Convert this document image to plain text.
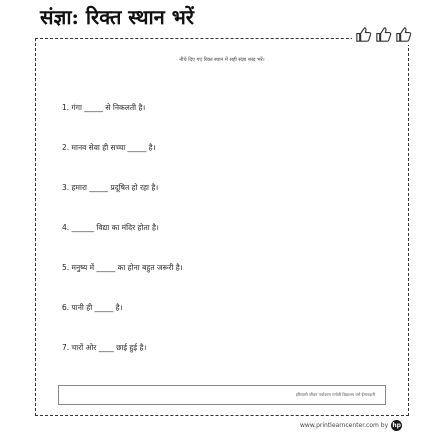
संज्ञा: रिक्त स्थान भरें
नीचे दिए गए रिक्त स्थान में सही संज्ञा शब्द भरें।
1. गंगा _____ से निकलती है।
2. मानव सेवा ही सच्चा _____ है।
3. हमारा _____ प्रदूषित हो रहा है।
4. ______ विद्या का मंदिर होता है।
5. मनुष्य में _____ का होना बहुत जरूरी है।
6. पानी ही _____ है।
7. चारों ओर ____ छाई हुई है।
हरियाली जीवन पर्यावरण गंगोत्री विद्यालय धर्म ईमानदारी
www.printlearncenter.com by hp
